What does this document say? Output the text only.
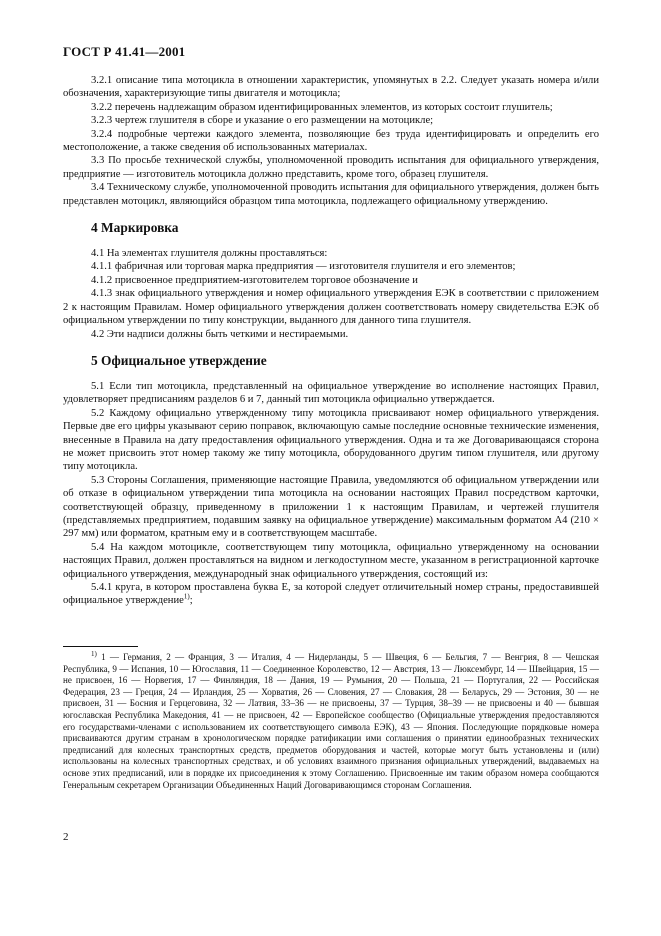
ГОСТ Р 41.41—2001

3.2.1 описание типа мотоцикла в отношении характеристик, упомянутых в 2.2. Следует указать номера и/или обозначения, характеризующие типы двигателя и мотоцикла;

3.2.2 перечень надлежащим образом идентифицированных элементов, из которых состоит глушитель;

3.2.3 чертеж глушителя в сборе и указание о его размещении на мотоцикле;

3.2.4 подробные чертежи каждого элемента, позволяющие без труда идентифицировать и определить его местоположение, а также сведения об использованных материалах.

3.3 По просьбе технической службы, уполномоченной проводить испытания для официального утверждения, предприятие — изготовитель мотоцикла должно представить, кроме того, образец глушителя.

3.4 Техническому службе, уполномоченной проводить испытания для официального утверждения, должен быть представлен мотоцикл, являющийся образцом типа мотоцикла, подлежащего официальному утверждению.

4 Маркировка

4.1 На элементах глушителя должны проставляться:

4.1.1 фабричная или торговая марка предприятия — изготовителя глушителя и его элементов;

4.1.2 присвоенное предприятием-изготовителем торговое обозначение и

4.1.3 знак официального утверждения и номер официального утверждения ЕЭК в соответствии с приложением 2 к настоящим Правилам. Номер официального утверждения должен соответствовать номеру свидетельства ЕЭК об официальном утверждении по типу конструкции, выданного для данного типа глушителя.

4.2 Эти надписи должны быть четкими и нестираемыми.

5 Официальное утверждение

5.1 Если тип мотоцикла, представленный на официальное утверждение во исполнение настоящих Правил, удовлетворяет предписаниям разделов 6 и 7, данный тип мотоцикла официально утверждается.

5.2 Каждому официально утвержденному типу мотоцикла присваивают номер официального утверждения. Первые две его цифры указывают серию поправок, включающую самые последние основные технические изменения, внесенные в Правила на дату предоставления официального утверждения. Одна и та же Договаривающаяся сторона не может присвоить этот номер такому же типу мотоцикла, оборудованного другим типом глушителя, или другому типу мотоцикла.

5.3 Стороны Соглашения, применяющие настоящие Правила, уведомляются об официальном утверждении или об отказе в официальном утверждении типа мотоцикла на основании настоящих Правил посредством карточки, соответствующей образцу, приведенному в приложении 1 к настоящим Правилам, и чертежей глушителя (представляемых предприятием, подавшим заявку на официальное утверждение) максимальным форматом А4 (210 × 297 мм) или форматом, кратным ему и в соответствующем масштабе.

5.4 На каждом мотоцикле, соответствующем типу мотоцикла, официально утвержденному на основании настоящих Правил, должен проставляться на видном и легкодоступном месте, указанном в регистрационной карточке официального утверждения, международный знак официального утверждения, состоящий из:

5.4.1 круга, в котором проставлена буква Е, за которой следует отличительный номер страны, предоставившей официальное утверждение$^{1)}$;

$^{1)}$ 1 — Германия, 2 — Франция, 3 — Италия, 4 — Нидерланды, 5 — Швеция, 6 — Бельгия, 7 — Венгрия, 8 — Чешская Республика, 9 — Испания, 10 — Югославия, 11 — Соединенное Королевство, 12 — Австрия, 13 — Люксембург, 14 — Швейцария, 15 — не присвоен, 16 — Норвегия, 17 — Финляндия, 18 — Дания, 19 — Румыния, 20 — Польша, 21 — Португалия, 22 — Российская Федерация, 23 — Греция, 24 — Ирландия, 25 — Хорватия, 26 — Словения, 27 — Словакия, 28 — Беларусь, 29 — Эстония, 30 — не присвоен, 31 — Босния и Герцеговина, 32 — Латвия, 33–36 — не присвоены, 37 — Турция, 38–39 — не присвоены и 40 — бывшая югославская Республика Македония, 41 — не присвоен, 42 — Европейское сообщество (Официальные утверждения предоставляются его государствами-членами с использованием их соответствующего символа ЕЭК), 43 — Япония. Последующие порядковые номера присваиваются другим странам в хронологическом порядке ратификации ими соглашения о принятии единообразных технических предписаний для колесных транспортных средств, предметов оборудования и частей, которые могут быть установлены и (или) использованы на колесных транспортных средствах, и об условиях взаимного признания официальных утверждений, выдаваемых на основе этих предписаний, или в порядке их присоединения к этому Соглашению. Присвоенные им таким образом номера сообщаются Генеральным секретарем Организации Объединенных Наций Договаривающимся сторонам Соглашения.
2
